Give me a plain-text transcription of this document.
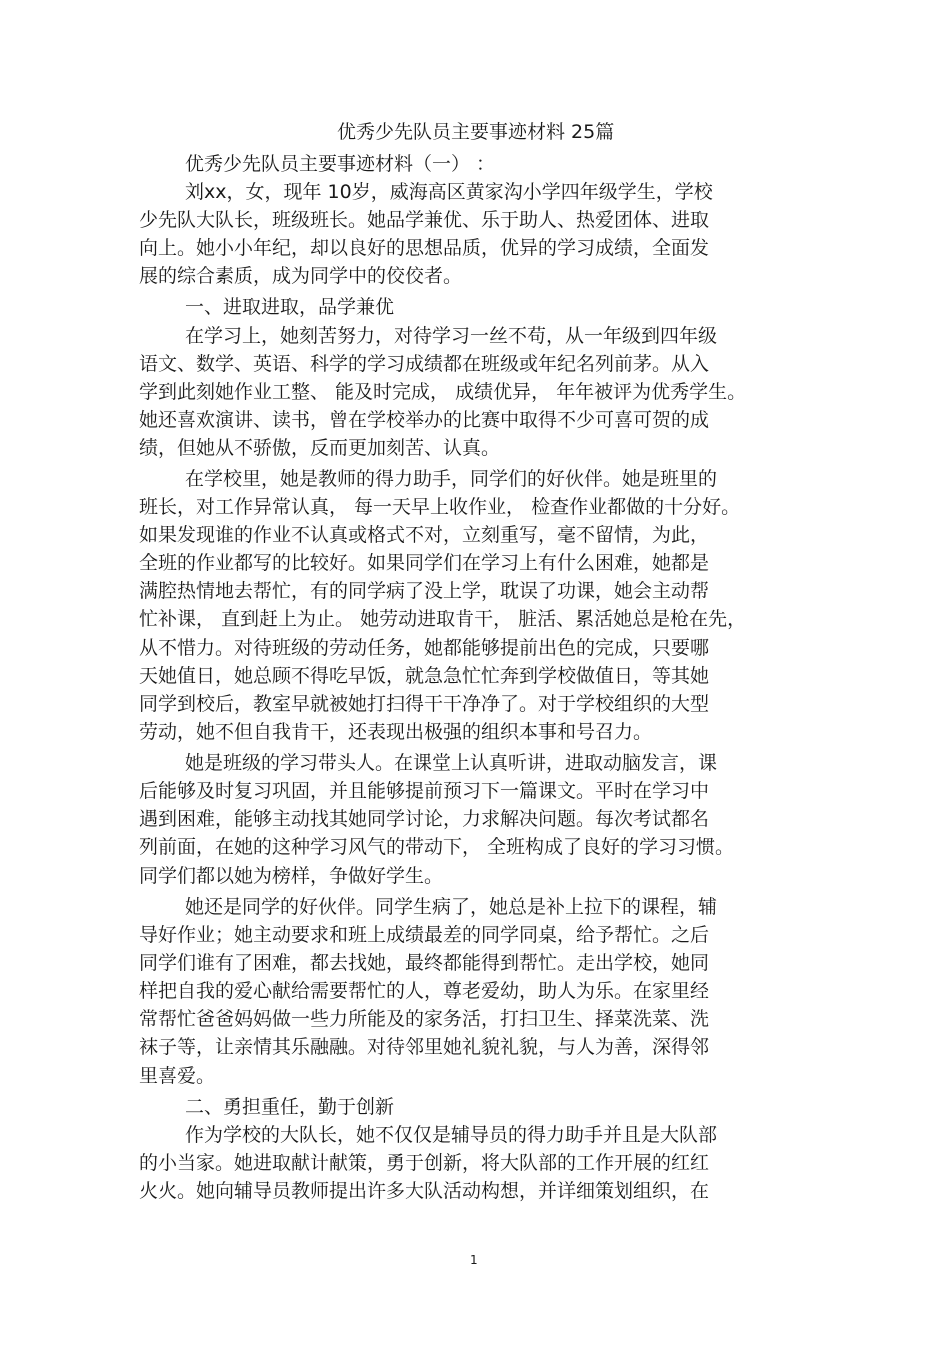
优秀少先队员主要事迹材料 25篇
优秀少先队员主要事迹材料（一） ：
刘xx，女，现年 10岁，威海高区黄家沟小学四年级学生，学校
少先队大队长，班级班长。她品学兼优、乐于助人、热爱团体、进取
向上。她小小年纪，却以良好的思想品质，优异的学习成绩，全面发
展的综合素质，成为同学中的佼佼者。
一、进取进取，品学兼优
在学习上，她刻苦努力，对待学习一丝不苟，从一年级到四年级
语文、数学、英语、科学的学习成绩都在班级或年纪名列前茅。从入
学到此刻她作业工整、 能及时完成， 成绩优异， 年年被评为优秀学生。
她还喜欢演讲、读书，曾在学校举办的比赛中取得不少可喜可贺的成
绩，但她从不骄傲，反而更加刻苦、认真。
在学校里，她是教师的得力助手，同学们的好伙伴。她是班里的
班长，对工作异常认真， 每一天早上收作业， 检查作业都做的十分好。
如果发现谁的作业不认真或格式不对，立刻重写，毫不留情，为此，
全班的作业都写的比较好。如果同学们在学习上有什么困难，她都是
满腔热情地去帮忙，有的同学病了没上学，耽误了功课，她会主动帮
忙补课， 直到赶上为止。 她劳动进取肯干， 脏活、累活她总是枪在先，
从不惜力。对待班级的劳动任务，她都能够提前出色的完成，只要哪
天她值日，她总顾不得吃早饭，就急急忙忙奔到学校做值日，等其她
同学到校后，教室早就被她打扫得干干净净了。对于学校组织的大型
劳动，她不但自我肯干，还表现出极强的组织本事和号召力。
她是班级的学习带头人。在课堂上认真听讲，进取动脑发言，课
后能够及时复习巩固，并且能够提前预习下一篇课文。平时在学习中
遇到困难，能够主动找其她同学讨论，力求解决问题。每次考试都名
列前面，在她的这种学习风气的带动下， 全班构成了良好的学习习惯。
同学们都以她为榜样，争做好学生。
她还是同学的好伙伴。同学生病了，她总是补上拉下的课程，辅
导好作业；她主动要求和班上成绩最差的同学同桌，给予帮忙。之后
同学们谁有了困难，都去找她，最终都能得到帮忙。走出学校，她同
样把自我的爱心献给需要帮忙的人，尊老爱幼，助人为乐。在家里经
常帮忙爸爸妈妈做一些力所能及的家务活，打扫卫生、择菜洗菜、洗
袜子等，让亲情其乐融融。对待邻里她礼貌礼貌，与人为善，深得邻
里喜爱。
二、勇担重任，勤于创新
作为学校的大队长，她不仅仅是辅导员的得力助手并且是大队部
的小当家。她进取献计献策，勇于创新，将大队部的工作开展的红红
火火。她向辅导员教师提出许多大队活动构想，并详细策划组织，在
1
